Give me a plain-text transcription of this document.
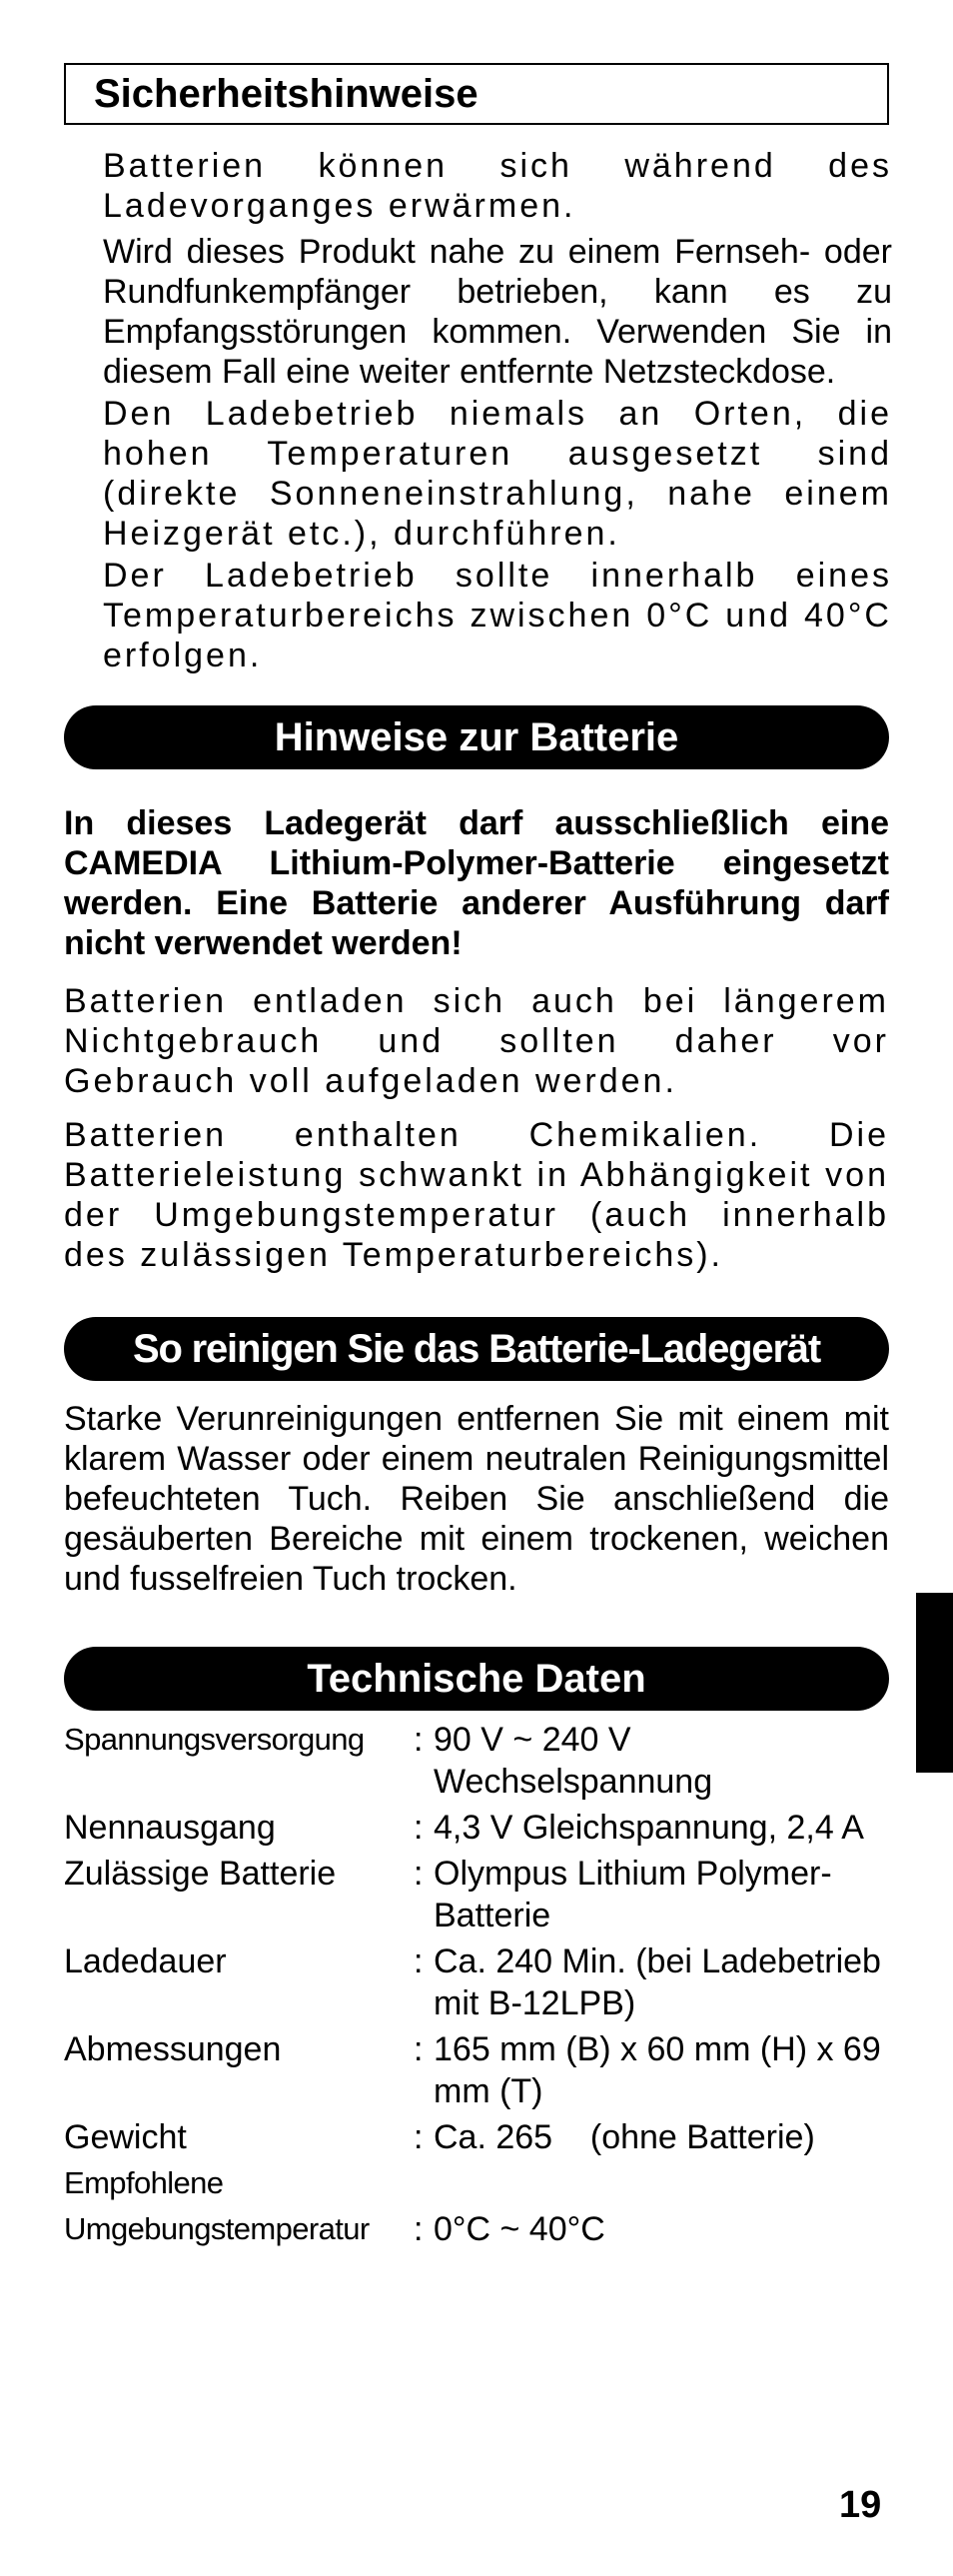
Sicherheitshinweise
Batterien können sich während des Ladevorganges erwärmen.
Wird dieses Produkt nahe zu einem Fernseh- oder Rundfunkempfänger betrieben, kann es zu Empfangsstörungen kommen. Verwenden Sie in diesem Fall eine weiter entfernte Netzsteckdose.
Den Ladebetrieb niemals an Orten, die hohen Temperaturen ausgesetzt sind (direkte Sonneneinstrahlung, nahe einem Heizgerät etc.), durchführen.
Der Ladebetrieb sollte innerhalb eines Temperaturbereichs zwischen 0°C und 40°C erfolgen.
Hinweise zur Batterie
In dieses Ladegerät darf ausschließlich eine CAMEDIA Lithium-Polymer-Batterie eingesetzt werden. Eine Batterie anderer Ausführung darf nicht verwendet werden!
Batterien entladen sich auch bei längerem Nichtgebrauch und sollten daher vor Gebrauch voll aufgeladen werden.
Batterien enthalten Chemikalien. Die Batterieleistung schwankt in Abhängigkeit von der Umgebungstemperatur (auch innerhalb des zulässigen Temperaturbereichs).
So reinigen Sie das Batterie-Ladegerät
Starke Verunreinigungen entfernen Sie mit einem mit klarem Wasser oder einem neutralen Reinigungsmittel befeuchteten Tuch. Reiben Sie anschließend die gesäuberten Bereiche mit einem trockenen, weichen und fusselfreien Tuch trocken.
Technische Daten
Spannungsversorgung	: 90 V ~ 240 V Wechselspannung
Nennausgang	: 4,3 V Gleichspannung, 2,4 A
Zulässige Batterie	: Olympus Lithium Polymer-Batterie
Ladedauer	: Ca. 240 Min. (bei Ladebetrieb mit B-12LPB)
Abmessungen	: 165 mm (B) x 60 mm (H) x 69 mm (T)
Gewicht	: Ca. 265    (ohne Batterie)
Empfohlene
Umgebungstemperatur	: 0°C ~ 40°C
19
